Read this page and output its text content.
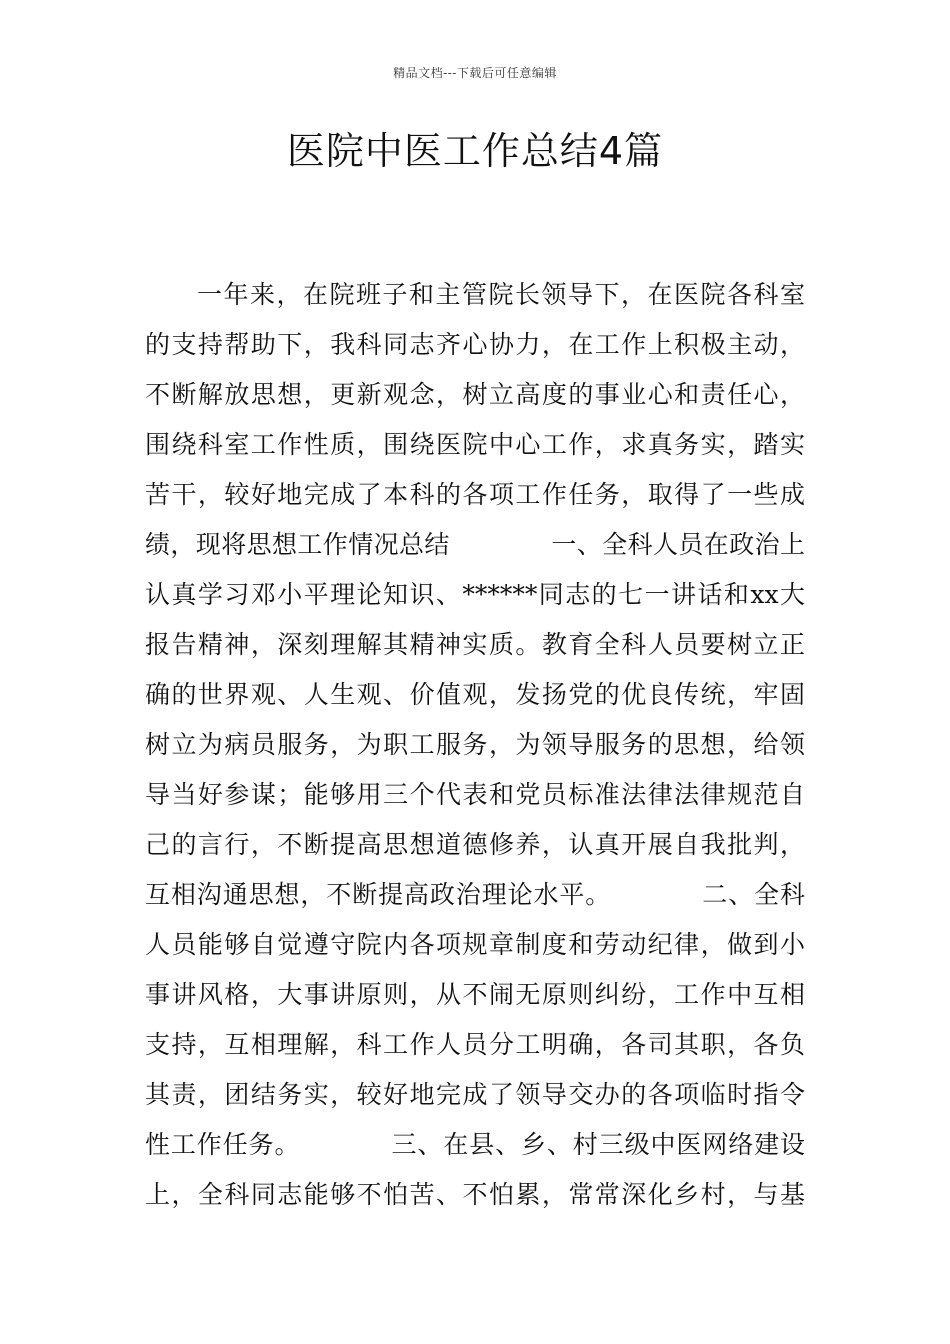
精品文档---下载后可任意编辑
医院中医工作总结4篇
一年来，在院班子和主管院长领导下，在医院各科室
的支持帮助下，我科同志齐心协力，在工作上积极主动，
不断解放思想，更新观念，树立高度的事业心和责任心，
围绕科室工作性质，围绕医院中心工作，求真务实，踏实
苦干，较好地完成了本科的各项工作任务，取得了一些成
绩，现将思想工作情况总结　　　　一、全科人员在政治上
认真学习邓小平理论知识、******同志的七一讲话和xx大
报告精神，深刻理解其精神实质。教育全科人员要树立正
确的世界观、人生观、价值观，发扬党的优良传统，牢固
树立为病员服务，为职工服务，为领导服务的思想，给领
导当好参谋；能够用三个代表和党员标准法律法律规范自
己的言行，不断提高思想道德修养，认真开展自我批判，
互相沟通思想，不断提高政治理论水平。　　　　二、全科
人员能够自觉遵守院内各项规章制度和劳动纪律，做到小
事讲风格，大事讲原则，从不闹无原则纠纷，工作中互相
支持，互相理解，科工作人员分工明确，各司其职，各负
其责，团结务实，较好地完成了领导交办的各项临时指令
性工作任务。　　　　三、在县、乡、村三级中医网络建设
上，全科同志能够不怕苦、不怕累，常常深化乡村，与基
